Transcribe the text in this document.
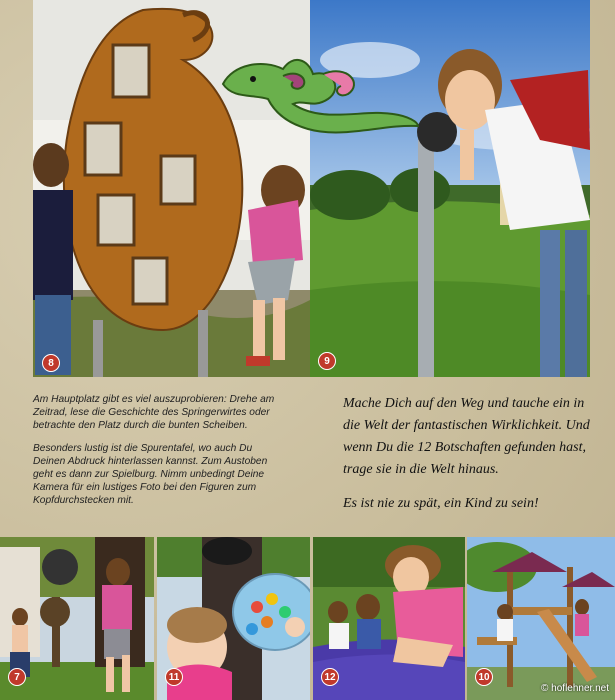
8	9

Am Hauptplatz gibt es viel auszuprobieren: Drehe am Zeitrad, lese die Geschichte des Springerwirtes oder betrachte den Platz durch die bunten Scheiben.

Besonders lustig ist die Spurentafel, wo auch Du Deinen Abdruck hinterlassen kannst. Zum Austoben geht es dann zur Spielburg. Nimm unbedingt Deine Kamera für ein lustiges Foto bei den Figuren zum Kopfdurchstecken mit.

Mache Dich auf den Weg und tauche ein in die Welt der fantastischen Wirklichkeit. Und wenn Du die 12 Botschaften gefunden hast, trage sie in die Welt hinaus.

Es ist nie zu spät, ein Kind zu sein!

7	11	12	10
© hoflehner.net
